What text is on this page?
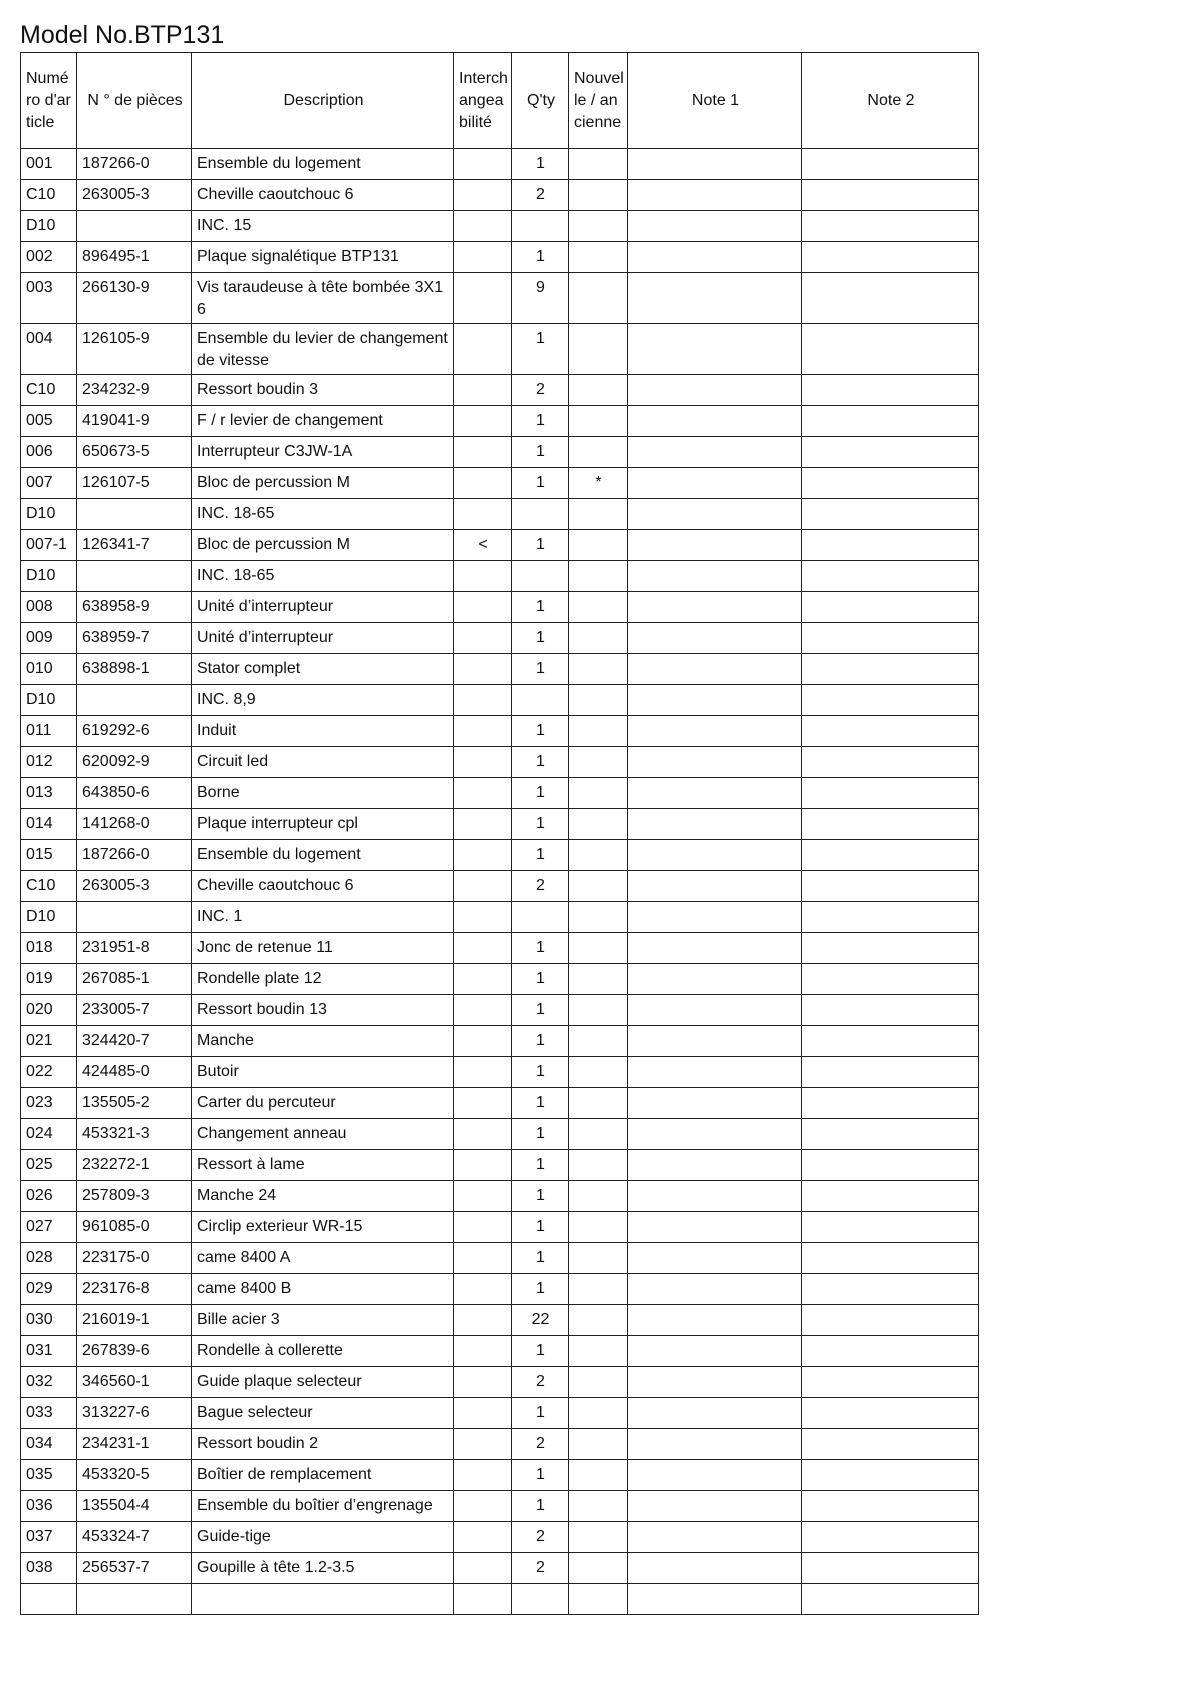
Model No.BTP131
Numéro d'article	N ° de pièces	Description	Interchangeabilité	Q'ty	Nouvelle / ancienne	Note 1	Note 2
001	187266-0	Ensemble du logement		1			
C10	263005-3	Cheville caoutchouc 6		2			
D10		INC. 15					
002	896495-1	Plaque signalétique BTP131		1			
003	266130-9	Vis taraudeuse à tête bombée 3X16		9			
004	126105-9	Ensemble du levier de changement de vitesse		1			
C10	234232-9	Ressort boudin 3		2			
005	419041-9	F / r levier de changement		1			
006	650673-5	Interrupteur C3JW-1A		1			
007	126107-5	Bloc de percussion M		1	*		
D10		INC. 18-65					
007-1	126341-7	Bloc de percussion M	<	1			
D10		INC. 18-65					
008	638958-9	Unité d’interrupteur		1			
009	638959-7	Unité d’interrupteur		1			
010	638898-1	Stator complet		1			
D10		INC. 8,9					
011	619292-6	Induit		1			
012	620092-9	Circuit led		1			
013	643850-6	Borne		1			
014	141268-0	Plaque interrupteur cpl		1			
015	187266-0	Ensemble du logement		1			
C10	263005-3	Cheville caoutchouc 6		2			
D10		INC. 1					
018	231951-8	Jonc de retenue 11		1			
019	267085-1	Rondelle plate 12		1			
020	233005-7	Ressort boudin 13		1			
021	324420-7	Manche		1			
022	424485-0	Butoir		1			
023	135505-2	Carter du percuteur		1			
024	453321-3	Changement anneau		1			
025	232272-1	Ressort à lame		1			
026	257809-3	Manche 24		1			
027	961085-0	Circlip exterieur WR-15		1			
028	223175-0	came 8400 A		1			
029	223176-8	came 8400 B		1			
030	216019-1	Bille acier 3		22			
031	267839-6	Rondelle à collerette		1			
032	346560-1	Guide plaque selecteur		2			
033	313227-6	Bague selecteur		1			
034	234231-1	Ressort boudin 2		2			
035	453320-5	Boîtier de remplacement		1			
036	135504-4	Ensemble du boîtier d’engrenage		1			
037	453324-7	Guide-tige		2			
038	256537-7	Goupille à tête 1.2-3.5		2			
